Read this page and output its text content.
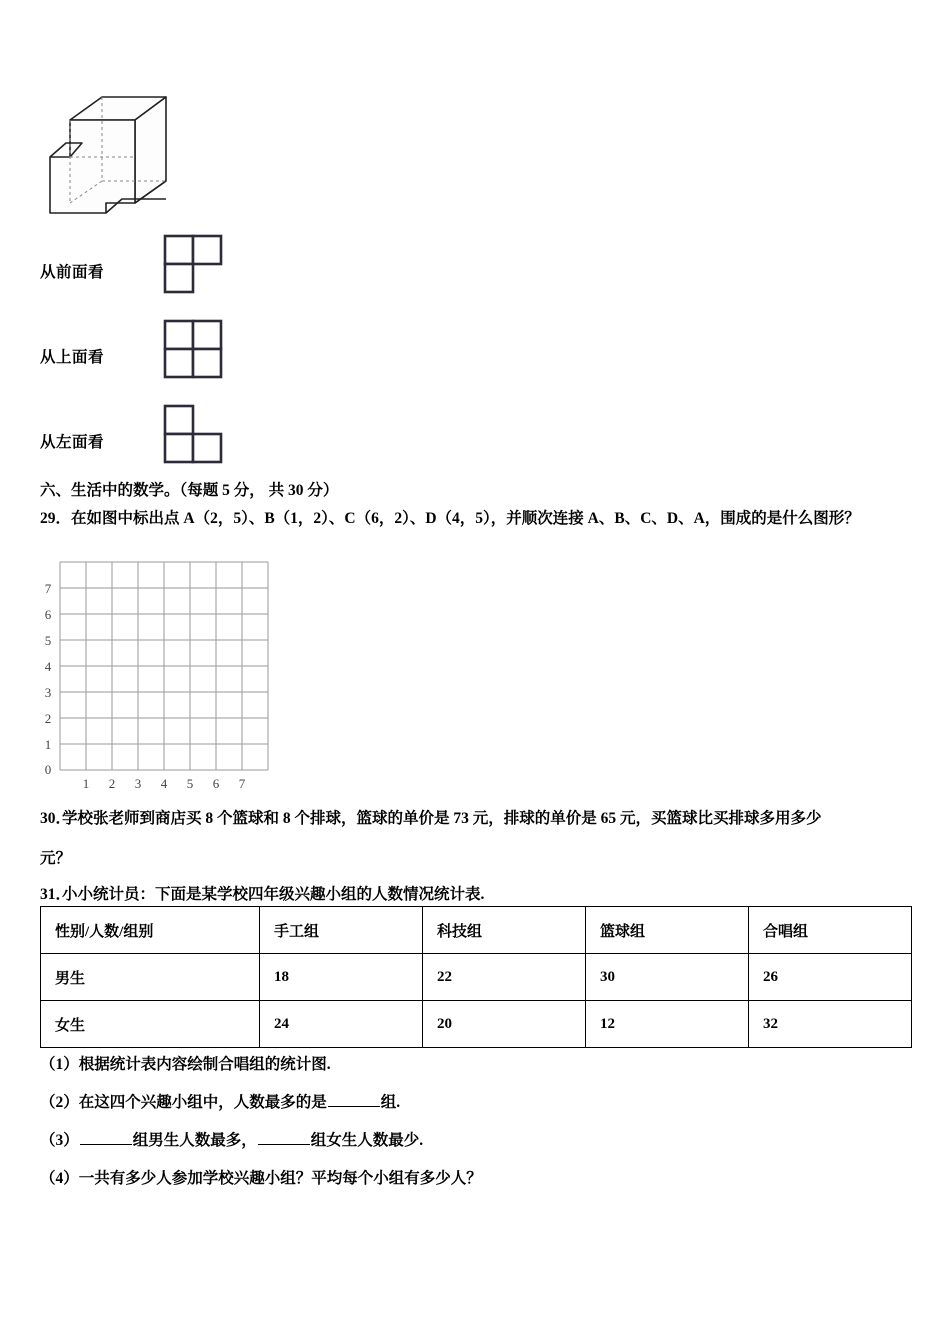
从前面看
从上面看
从左面看
六、生活中的数学。（每题 5 分， 共 30 分）
29．在如图中标出点 A（2，5）、B（1，2）、C（6，2）、D（4，5），并顺次连接 A、B、C、D、A，围成的是什么图形？
0
1
2
3
4
5
6
7
1 2 3 4 5 6 7
30．
学校张老师到商店买 8 个篮球和 8 个排球，篮球的单价是 73 元，排球的单价是 65 元，买篮球比买排球多用多少
元？
31．
小小统计员：下面是某学校四年级兴趣小组的人数情况统计表.
性别/人数/组别	手工组	科技组	篮球组	合唱组
男生	18	22	30	26
女生	24	20	12	32
（1）根据统计表内容绘制合唱组的统计图.
（2）在这四个兴趣小组中，人数最多的是	组.
（3）	组男生人数最多，	组女生人数最少.
（4）一共有多少人参加学校兴趣小组？平均每个小组有多少人？
